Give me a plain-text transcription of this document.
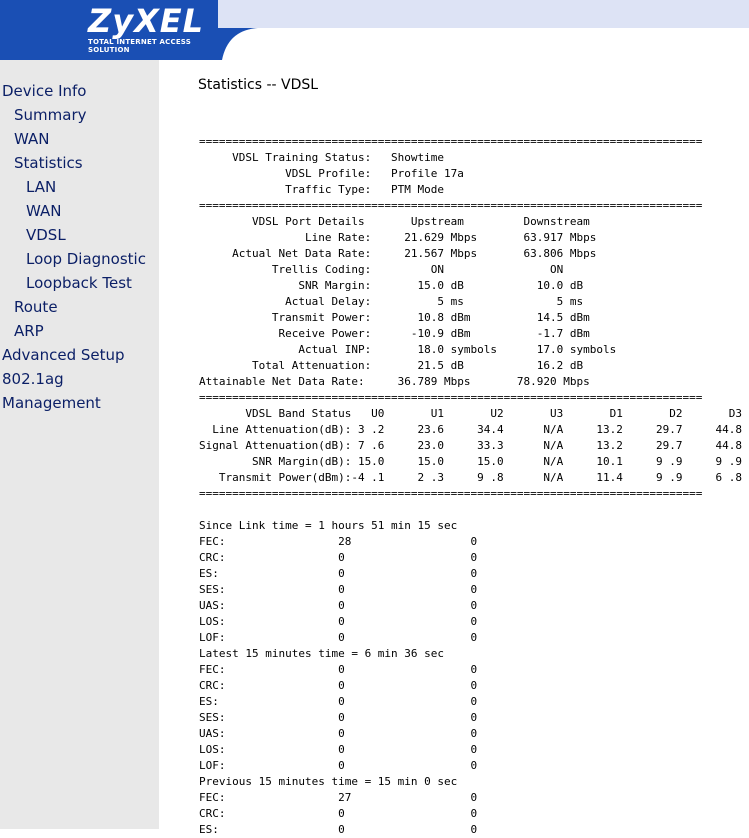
ZyXEL
TOTAL INTERNET ACCESS SOLUTION
Device Info
Summary
WAN
Statistics
LAN
WAN
VDSL
Loop Diagnostic
Loopback Test
Route
ARP
Advanced Setup
802.1ag
Management
Statistics -- VDSL
============================================================================
VDSL Training Status:   Showtime
VDSL Profile:   Profile 17a
Traffic Type:   PTM Mode
============================================================================
VDSL Port Details       Upstream         Downstream
Line Rate:     21.629 Mbps       63.917 Mbps
Actual Net Data Rate:     21.567 Mbps       63.806 Mbps
Trellis Coding:         ON                ON
SNR Margin:       15.0 dB           10.0 dB
Actual Delay:          5 ms              5 ms
Transmit Power:       10.8 dBm          14.5 dBm
Receive Power:      -10.9 dBm          -1.7 dBm
Actual INP:       18.0 symbols      17.0 symbols
Total Attenuation:       21.5 dB           16.2 dB
Attainable Net Data Rate:     36.789 Mbps       78.920 Mbps
============================================================================
VDSL Band Status   U0       U1       U2       U3       D1       D2       D3
Line Attenuation(dB): 3 .2     23.6     34.4      N/A     13.2     29.7     44.8
Signal Attenuation(dB): 7 .6     23.0     33.3      N/A     13.2     29.7     44.8
SNR Margin(dB): 15.0     15.0     15.0      N/A     10.1     9 .9     9 .9
Transmit Power(dBm):-4 .1     2 .3     9 .8      N/A     11.4     9 .9     6 .8
============================================================================

Since Link time = 1 hours 51 min 15 sec
FEC:                 28                  0
CRC:                 0                   0
ES:                  0                   0
SES:                 0                   0
UAS:                 0                   0
LOS:                 0                   0
LOF:                 0                   0
Latest 15 minutes time = 6 min 36 sec
FEC:                 0                   0
CRC:                 0                   0
ES:                  0                   0
SES:                 0                   0
UAS:                 0                   0
LOS:                 0                   0
LOF:                 0                   0
Previous 15 minutes time = 15 min 0 sec
FEC:                 27                  0
CRC:                 0                   0
ES:                  0                   0
